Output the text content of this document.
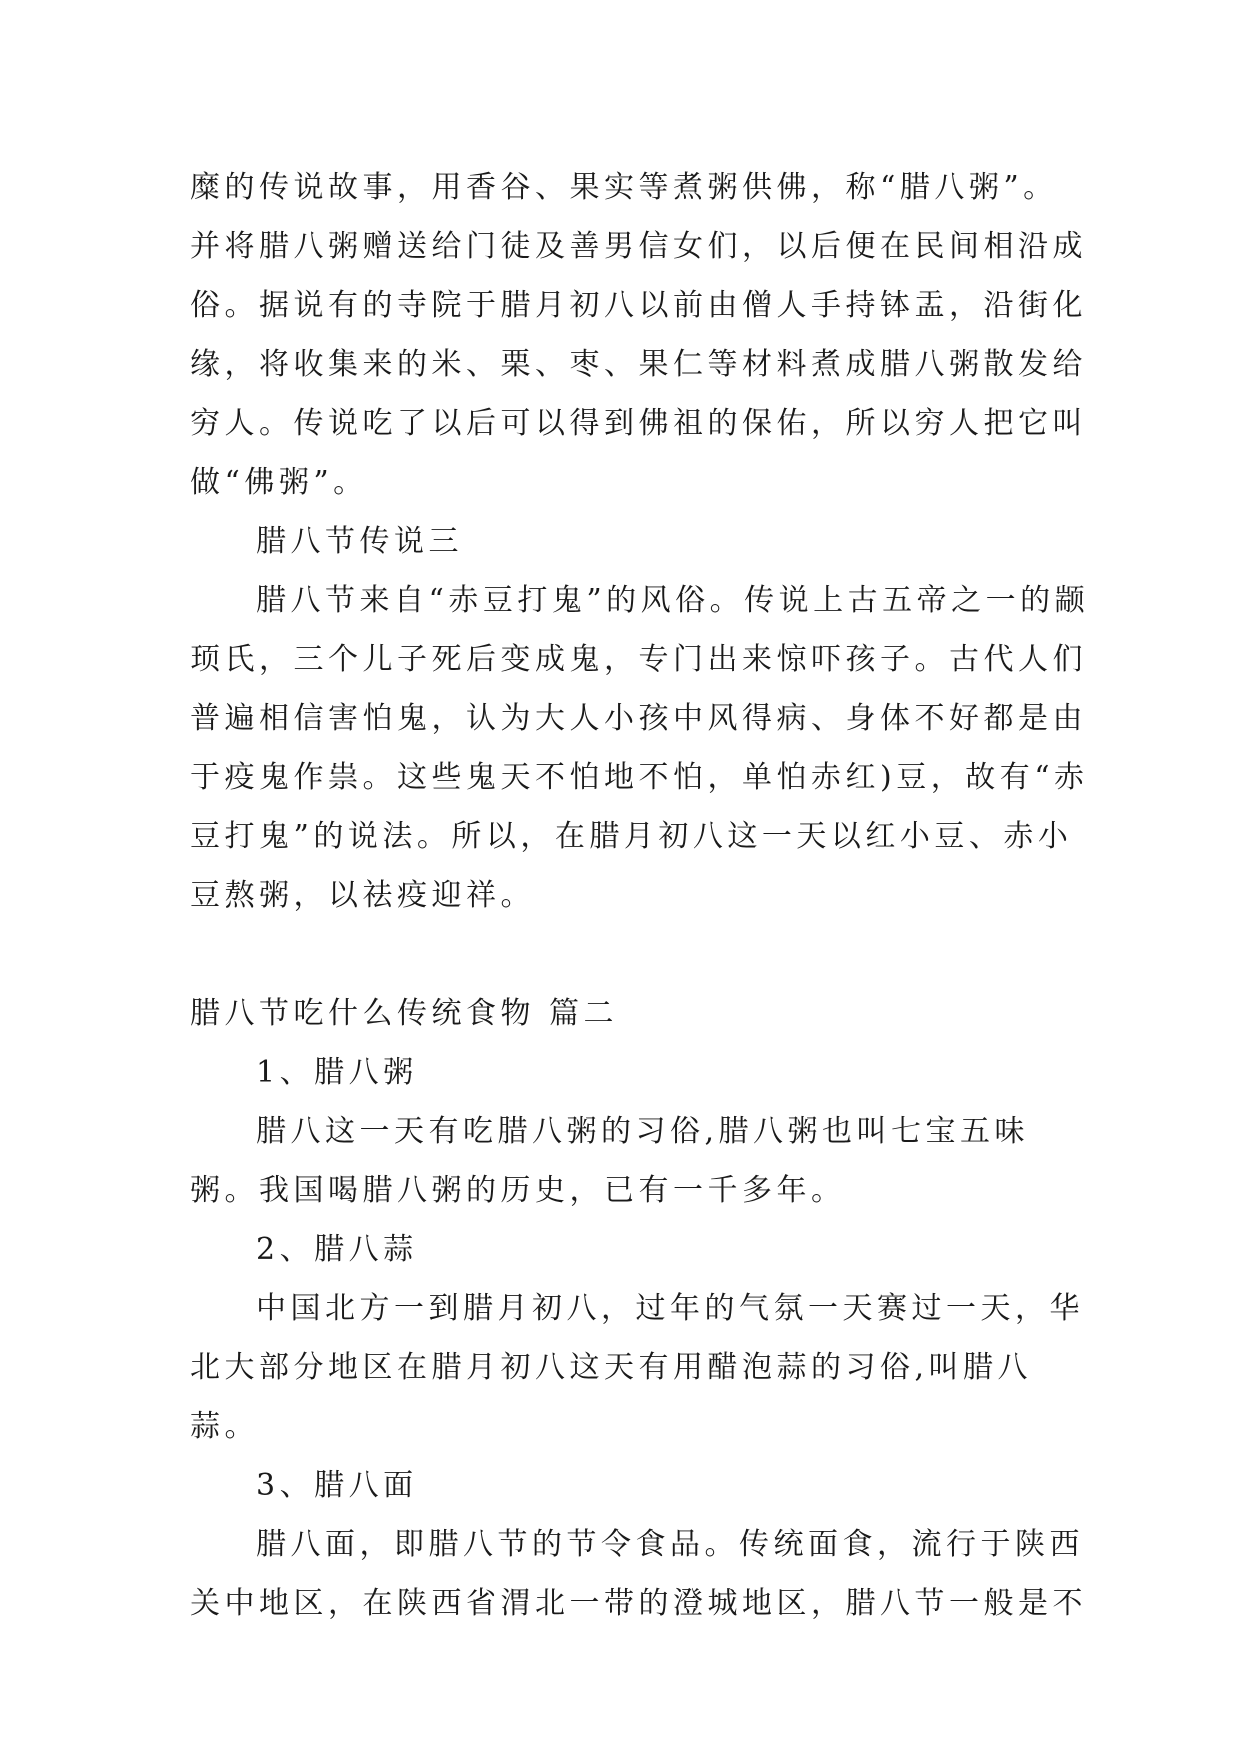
糜的传说故事，用香谷、果实等煮粥供佛，称“腊八粥”。并将腊八粥赠送给门徒及善男信女们，以后便在民间相沿成俗。据说有的寺院于腊月初八以前由僧人手持钵盂，沿街化缘，将收集来的米、栗、枣、果仁等材料煮成腊八粥散发给穷人。传说吃了以后可以得到佛祖的保佑，所以穷人把它叫做“佛粥”。

腊八节传说三

腊八节来自“赤豆打鬼”的风俗。传说上古五帝之一的颛顼氏，三个儿子死后变成鬼，专门出来惊吓孩子。古代人们普遍相信害怕鬼，认为大人小孩中风得病、身体不好都是由于疫鬼作祟。这些鬼天不怕地不怕，单怕赤红)豆，故有“赤豆打鬼”的说法。所以，在腊月初八这一天以红小豆、赤小豆熬粥，以祛疫迎祥。

腊八节吃什么传统食物 篇二

1、腊八粥

腊八这一天有吃腊八粥的习俗,腊八粥也叫七宝五味粥。我国喝腊八粥的历史，已有一千多年。

2、腊八蒜

中国北方一到腊月初八，过年的气氛一天赛过一天，华北大部分地区在腊月初八这天有用醋泡蒜的习俗,叫腊八蒜。

3、腊八面

腊八面，即腊八节的节令食品。传统面食，流行于陕西关中地区，在陕西省渭北一带的澄城地区，腊八节一般是不
